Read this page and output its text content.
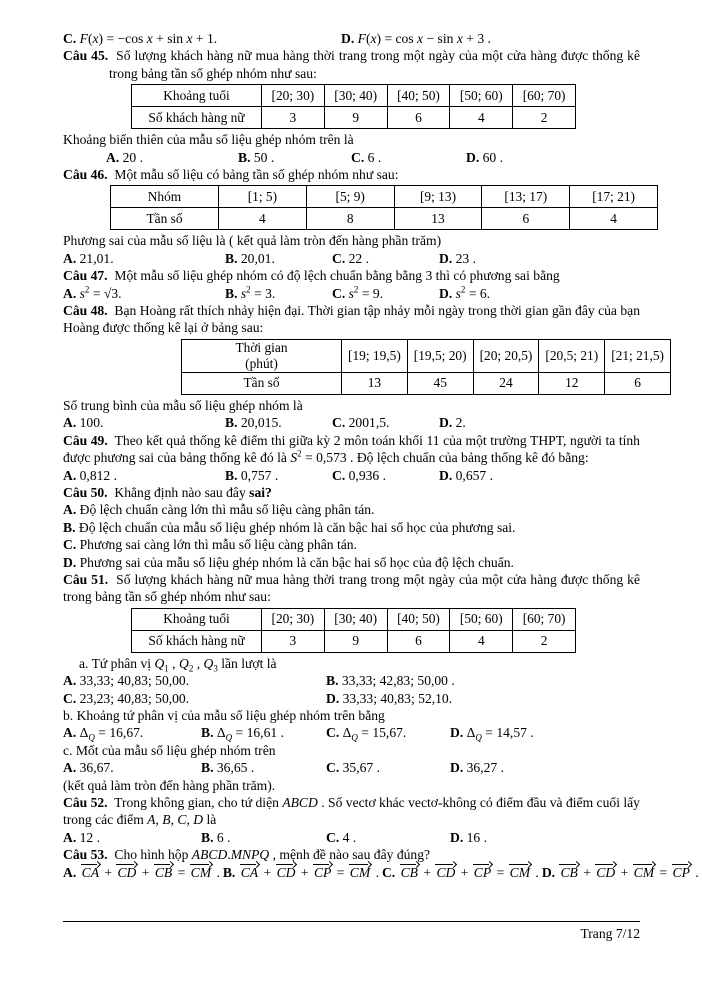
C. F(x) = −cos x + sin x + 1.	D. F(x) = cos x − sin x + 3 .
Câu 45. Số lượng khách hàng nữ mua hàng thời trang trong một ngày của một cửa hàng được thống kê trong bảng tần số ghép nhóm như sau:
Khoảng tuổi	[20; 30)	[30; 40)	[40; 50)	[50; 60)	[60; 70)
Số khách hàng nữ	3	9	6	4	2
Khoảng biến thiên của mẫu số liệu ghép nhóm trên là
A. 20 .	B. 50 .	C. 6 .	D. 60 .
Câu 46. Một mẫu số liệu có bảng tần số ghép nhóm như sau:
Nhóm	[1; 5)	[5; 9)	[9; 13)	[13; 17)	[17; 21)
Tần số	4	8	13	6	4
Phương sai của mẫu số liệu là ( kết quả làm tròn đến hàng phần trăm)
A. 21,01.	B. 20,01.	C. 22 .	D. 23 .
Câu 47. Một mẫu số liệu ghép nhóm có độ lệch chuẩn bằng bằng 3 thì có phương sai bằng
A. $s^2 = √3$.	B. $s^2 = 3$.	C. $s^2 = 9$.	D. $s^2 = 6$.
Câu 48. Bạn Hoàng rất thích nhảy hiện đại. Thời gian tập nhảy mỗi ngày trong thời gian gần đây của bạn Hoàng được thống kê lại ở bảng sau:
Thời gian
(phút)	[19; 19,5)	[19,5; 20)	[20; 20,5)	[20,5; 21)	[21; 21,5)
Tần số	13	45	24	12	6
Số trung bình của mẫu số liệu ghép nhóm là
A. 100.	B. 20,015.	C. 2001,5.	D. 2.
Câu 49. Theo kết quả thống kê điểm thi giữa kỳ 2 môn toán khối 11 của một trường THPT, người ta tính được phương sai của bảng thống kê đó là $S^2 = 0,573$ . Độ lệch chuẩn của bảng thống kê đó bằng:
A. 0,812 .	B. 0,757 .	C. 0,936 .	D. 0,657 .
Câu 50. Khẳng định nào sau đây sai?
A. Độ lệch chuẩn càng lớn thì mẫu số liệu càng phân tán.
B. Độ lệch chuẩn của mẫu số liệu ghép nhóm là căn bậc hai số học của phương sai.
C. Phương sai càng lớn thì mẫu số liệu càng phân tán.
D. Phương sai của mẫu số liệu ghép nhóm là căn bậc hai số học của độ lệch chuẩn.
Câu 51. Số lượng khách hàng nữ mua hàng thời trang trong một ngày của một cửa hàng được thống kê trong bảng tần số ghép nhóm như sau:
Khoảng tuổi	[20; 30)	[30; 40)	[40; 50)	[50; 60)	[60; 70)
Số khách hàng nữ	3	9	6	4	2
a. Tứ phân vị $Q_1$ , $Q_2$ , $Q_3$ lần lượt là
A. 33,33; 40,83; 50,00.	B. 33,33; 42,83; 50,00 .
C. 23,23; 40,83; 50,00.	D. 33,33; 40,83; 52,10.
b. Khoảng tứ phân vị của mẫu số liệu ghép nhóm trên bằng
A. $\Delta_Q = 16,67$.	B. $\Delta_Q = 16,61$ .	C. $\Delta_Q = 15,67$.	D. $\Delta_Q = 14,57$ .
c. Mốt của mẫu số liệu ghép nhóm trên
A. 36,67.	B. 36,65 .	C. 35,67 .	D. 36,27 .
(kết quả làm tròn đến hàng phần trăm).
Câu 52. Trong không gian, cho tứ diện ABCD . Số vectơ khác vectơ-không có điểm đầu và điểm cuối lấy trong các điểm A, B, C, D là
A. 12 .	B. 6 .	C. 4 .	D. 16 .
Câu 53. Cho hình hộp ABCD.MNPQ , mệnh đề nào sau đây đúng?
A. CA + CD + CB = CM . B. CA + CD + CP = CM . C. CB + CD + CP = CM . D. CB + CD + CM = CP .
Trang 7/12
